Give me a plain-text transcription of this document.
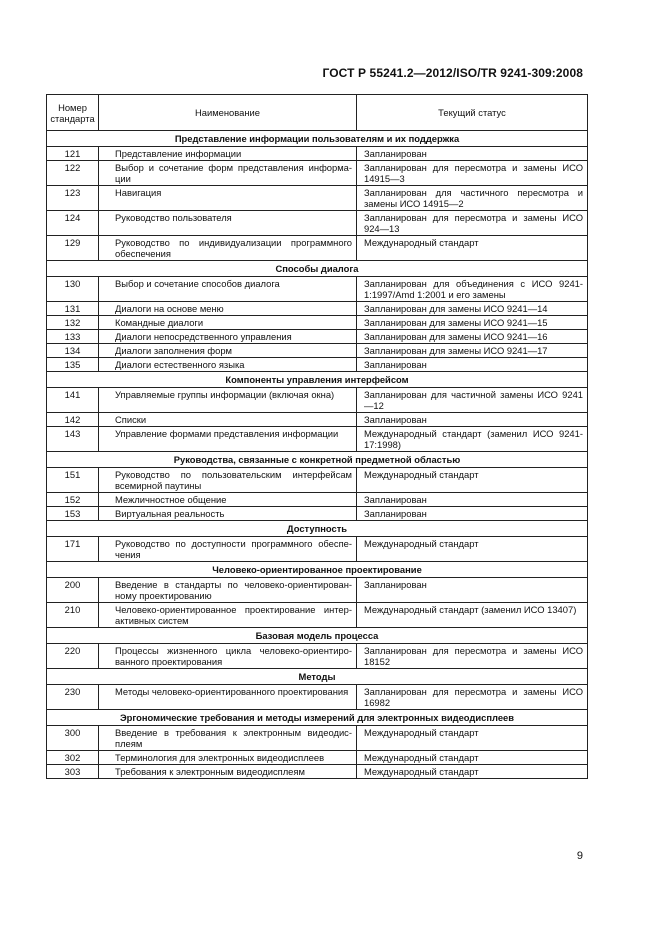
ГОСТ Р 55241.2—2012/ISO/TR 9241-309:2008
Номер стандарта	Наименование	Текущий статус
Представление информации пользователям и их поддержка		
121	Представление информации	Запланирован
122	Выбор и сочетание форм представления информации	Запланирован для пересмотра и замены ИСО 14915—3
123	Навигация	Запланирован для частичного пересмотра и замены ИСО 14915—2
124	Руководство пользователя	Запланирован для пересмотра и замены ИСО 924—13
129	Руководство по индивидуализации программного обеспечения	Международный стандарт
Способы диалога		
130	Выбор и сочетание способов диалога	Запланирован для объединения с ИСО 9241-1:1997/Amd 1:2001 и его замены
131	Диалоги на основе меню	Запланирован для замены ИСО 9241—14
132	Командные диалоги	Запланирован для замены ИСО 9241—15
133	Диалоги непосредственного управления	Запланирован для замены ИСО 9241—16
134	Диалоги заполнения форм	Запланирован для замены ИСО 9241—17
135	Диалоги естественного языка	Запланирован
Компоненты управления интерфейсом		
141	Управляемые группы информации (включая окна)	Запланирован для частичной замены ИСО 9241—12
142	Списки	Запланирован
143	Управление формами представления информации	Международный стандарт (заменил ИСО 9241-17:1998)
Руководства, связанные с конкретной предметной областью		
151	Руководство по пользовательским интерфейсам всемирной паутины	Международный стандарт
152	Межличностное общение	Запланирован
153	Виртуальная реальность	Запланирован
Доступность		
171	Руководство по доступности программного обеспечения	Международный стандарт
Человеко-ориентированное проектирование		
200	Введение в стандарты по человеко-ориентированному проектированию	Запланирован
210	Человеко-ориентированное проектирование интерактивных систем	Международный стандарт (заменил ИСО 13407)
Базовая модель процесса		
220	Процессы жизненного цикла человеко-ориентированного проектирования	Запланирован для пересмотра и замены ИСО 18152
Методы		
230	Методы человеко-ориентированного проектирования	Запланирован для пересмотра и замены ИСО 16982
Эргономические требования и методы измерений для электронных видеодисплеев		
300	Введение в требования к электронным видеодисплеям	Международный стандарт
302	Терминология для электронных видеодисплеев	Международный стандарт
303	Требования к электронным видеодисплеям	Международный стандарт
9
